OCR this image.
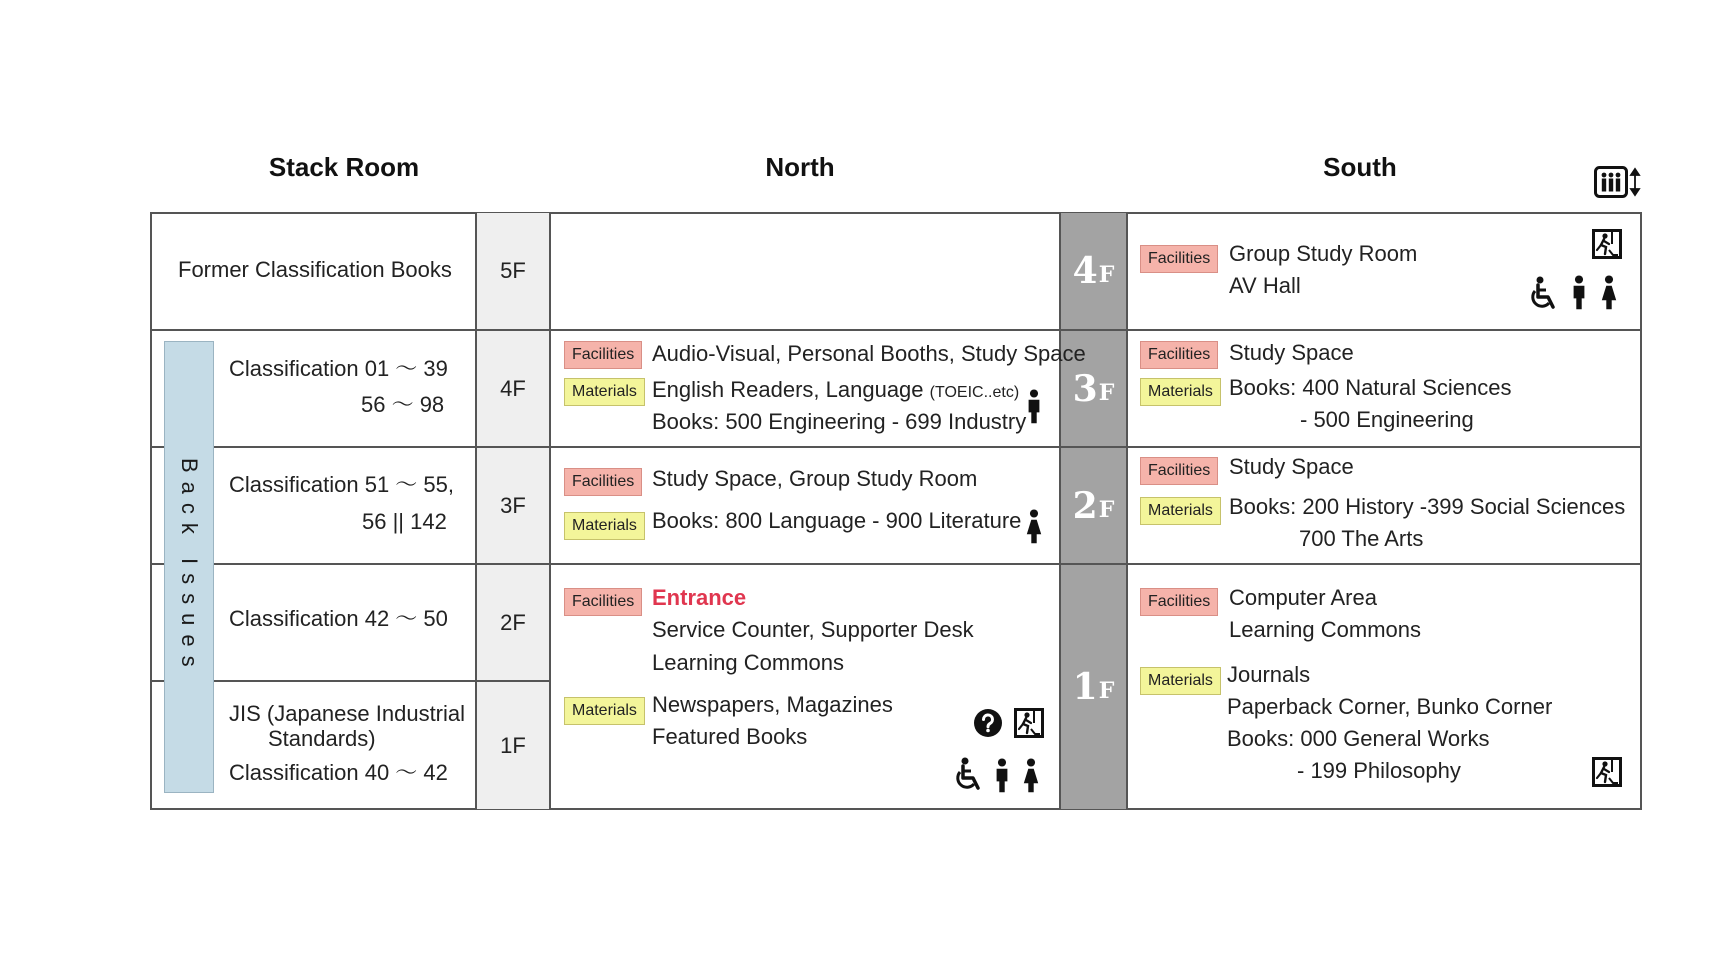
Stack Room	North	South
4 F
3 F
2 F
1 F
5F
4F
3F
2F
1F
Back Issues
Former Classification Books
Classification 01 ～ 39
56 ～ 98
Classification 51 ～ 55,
56 || 142
Classification 42 ～ 50
JIS (Japanese Industrial
Standards)
Classification 40 ～ 42
Facilities Audio-Visual, Personal Booths, Study Space
Materials English Readers, Language (TOEIC..etc)
Books: 500 Engineering - 699 Industry
Facilities Study Space, Group Study Room
Materials Books: 800 Language - 900 Literature
Facilities Entrance
Service Counter, Supporter Desk
Learning Commons
Materials Newspapers, Magazines
Featured Books
Facilities Group Study Room
AV Hall
Facilities Study Space
Materials Books: 400 Natural Sciences
- 500 Engineering
Facilities Study Space
Materials Books: 200 History -399 Social Sciences
700 The Arts
Facilities Computer Area
Learning Commons
Materials Journals
Paperback Corner, Bunko Corner
Books: 000 General Works
- 199 Philosophy
